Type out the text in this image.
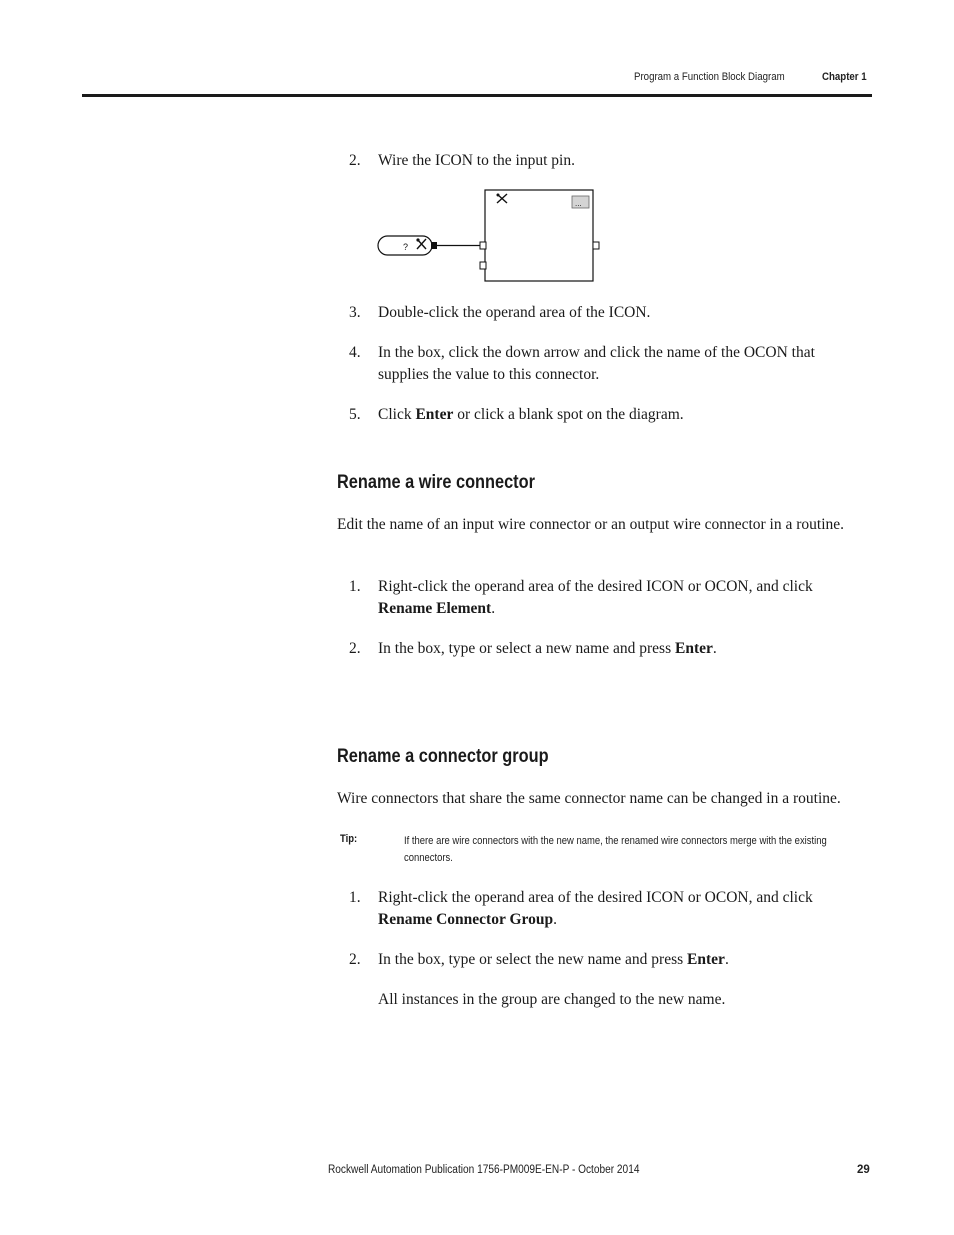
Program a Function Block Diagram	Chapter 1
2. Wire the ICON to the input pin.
?
...
3. Double-click the operand area of the ICON.
4. In the box, click the down arrow and click the name of the OCON that supplies the value to this connector.
5. Click Enter or click a blank spot on the diagram.
Rename a wire connector
Edit the name of an input wire connector or an output wire connector in a routine.
1. Right-click the operand area of the desired ICON or OCON, and click Rename Element.
2. In the box, type or select a new name and press Enter.
Rename a connector group
Wire connectors that share the same connector name can be changed in a routine.
Tip:	If there are wire connectors with the new name, the renamed wire connectors merge with the existing connectors.
1. Right-click the operand area of the desired ICON or OCON, and click Rename Connector Group.
2. In the box, type or select the new name and press Enter.
All instances in the group are changed to the new name.
Rockwell Automation Publication 1756-PM009E-EN-P - October 2014	29
